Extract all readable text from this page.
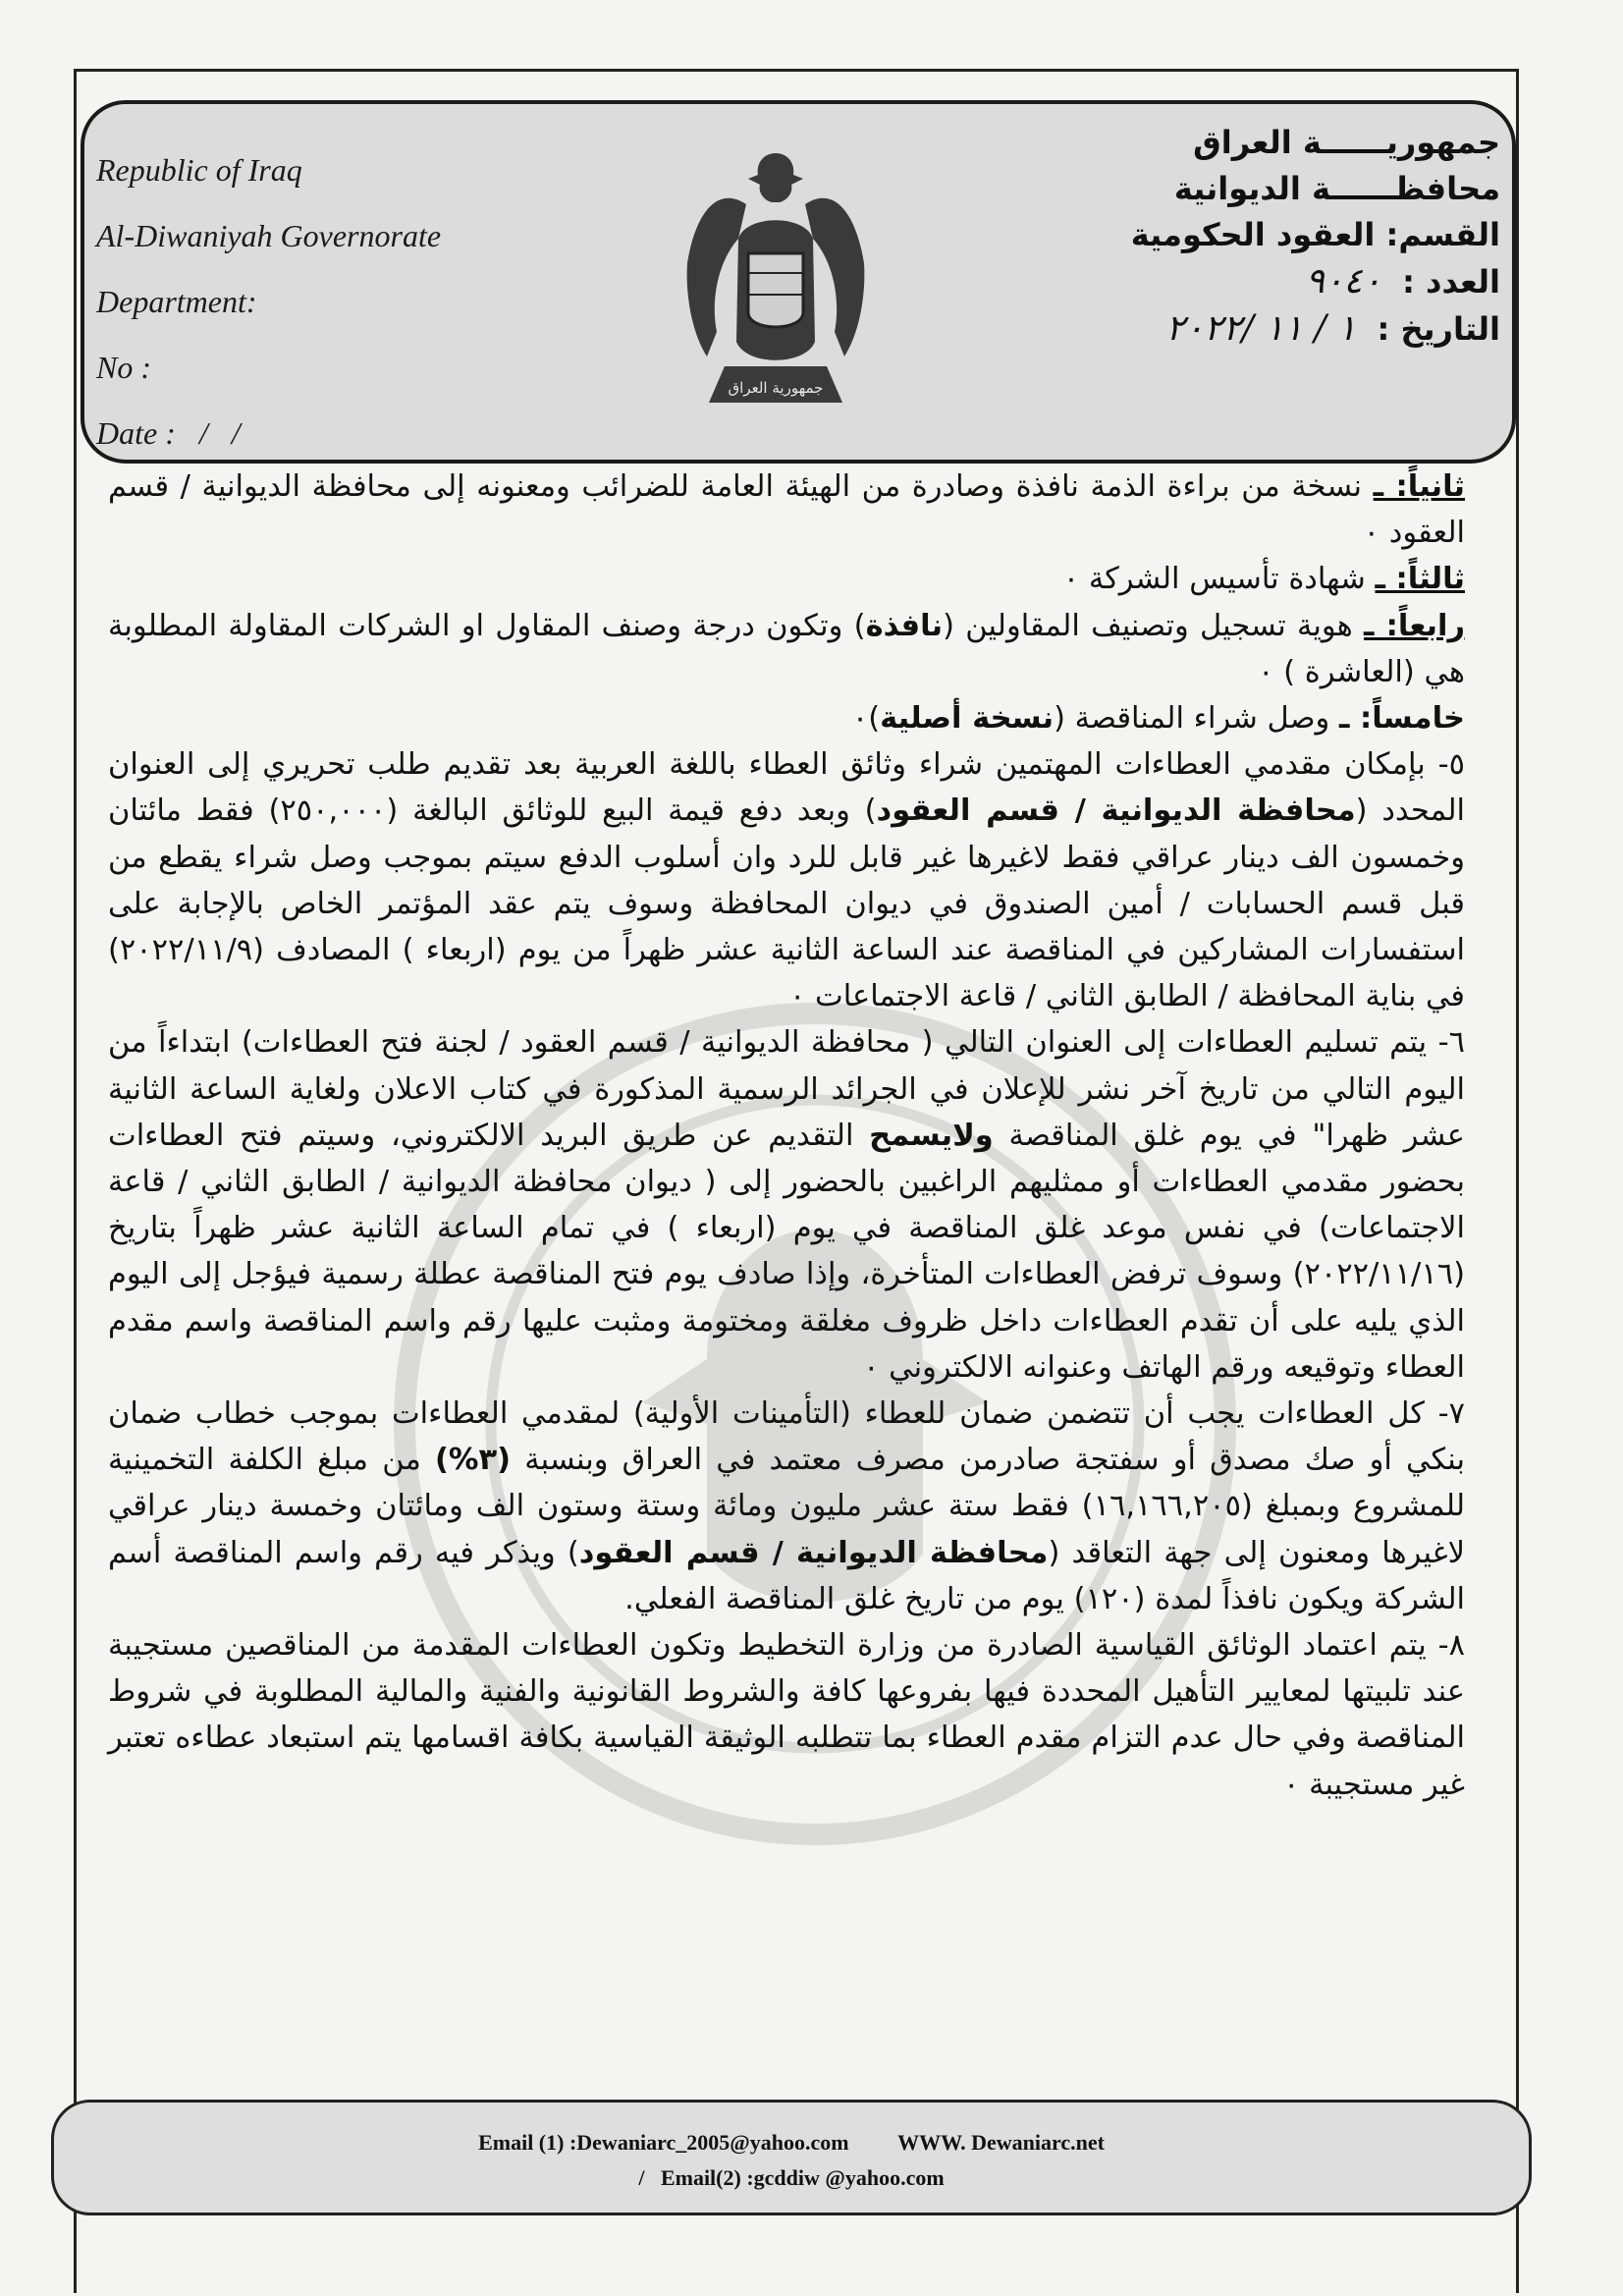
Republic of Iraq
Al-Diwaniyah Governorate
Department:
No :
Date :   /   /
جمهورية العراق
جمهوريــــــة العراق
محافظــــــة الديوانية
القسم: العقود الحكومية
العدد : ٩٠٤٠
التاريخ : ١ / ١١ /٢٠٢٢

ثانياً: ـ نسخة من براءة الذمة نافذة وصادرة من الهيئة العامة للضرائب ومعنونه إلى محافظة الديوانية / قسم العقود ٠

ثالثاً: ـ شهادة تأسيس الشركة ٠

رابعاً: ـ هوية تسجيل وتصنيف المقاولين (نافذة) وتكون درجة وصنف المقاول او الشركات المقاولة المطلوبة هي (العاشرة ) ٠

خامساً: ـ وصل شراء المناقصة (نسخة أصلية)٠

٥- بإمكان مقدمي العطاءات المهتمين شراء وثائق العطاء باللغة العربية بعد تقديم طلب تحريري إلى العنوان المحدد (محافظة الديوانية / قسم العقود) وبعد دفع قيمة البيع للوثائق البالغة (٢٥٠,٠٠٠) فقط مائتان وخمسون الف دينار عراقي فقط لاغيرها غير قابل للرد وان أسلوب الدفع سيتم بموجب وصل شراء يقطع من قبل قسم الحسابات / أمين الصندوق في ديوان المحافظة وسوف يتم عقد المؤتمر الخاص بالإجابة على استفسارات المشاركين في المناقصة عند الساعة الثانية عشر ظهراً من يوم (اربعاء ) المصادف (٢٠٢٢/١١/٩) في بناية المحافظة / الطابق الثاني / قاعة الاجتماعات ٠

٦- يتم تسليم العطاءات إلى العنوان التالي ( محافظة الديوانية / قسم العقود / لجنة فتح العطاءات) ابتداءاً من اليوم التالي من تاريخ آخر نشر للإعلان في الجرائد الرسمية المذكورة في كتاب الاعلان ولغاية الساعة الثانية عشر ظهرا" في يوم غلق المناقصة ولايسمح التقديم عن طريق البريد الالكتروني، وسيتم فتح العطاءات بحضور مقدمي العطاءات أو ممثليهم الراغبين بالحضور إلى ( ديوان محافظة الديوانية / الطابق الثاني / قاعة الاجتماعات) في نفس موعد غلق المناقصة في يوم (اربعاء ) في تمام الساعة الثانية عشر ظهراً بتاريخ (٢٠٢٢/١١/١٦) وسوف ترفض العطاءات المتأخرة، وإذا صادف يوم فتح المناقصة عطلة رسمية فيؤجل إلى اليوم الذي يليه على أن تقدم العطاءات داخل ظروف مغلقة ومختومة ومثبت عليها رقم واسم المناقصة واسم مقدم العطاء وتوقيعه ورقم الهاتف وعنوانه الالكتروني ٠

٧- كل العطاءات يجب أن تتضمن ضمان للعطاء (التأمينات الأولية) لمقدمي العطاءات بموجب خطاب ضمان بنكي أو صك مصدق أو سفتجة صادرمن مصرف معتمد في العراق وبنسبة (٣%) من مبلغ الكلفة التخمينية للمشروع وبمبلغ (١٦,١٦٦,٢٠٥) فقط ستة عشر مليون ومائة وستة وستون الف ومائتان وخمسة دينار عراقي لاغيرها ومعنون إلى جهة التعاقد (محافظة الديوانية / قسم العقود) ويذكر فيه رقم واسم المناقصة أسم الشركة ويكون نافذاً لمدة (١٢٠) يوم من تاريخ غلق المناقصة الفعلي.

٨- يتم اعتماد الوثائق القياسية الصادرة من وزارة التخطيط وتكون العطاءات المقدمة من المناقصين مستجيبة عند تلبيتها لمعايير التأهيل المحددة فيها بفروعها كافة والشروط القانونية والفنية والمالية المطلوبة في شروط المناقصة وفي حال عدم التزام مقدم العطاء بما تتطلبه الوثيقة القياسية بكافة اقسامها يتم استبعاد عطاءه تعتبر غير مستجيبة ٠

Email (1) :Dewaniarc_2005@yahoo.com WWW. Dewaniarc.net
/   Email(2) :gcddiw @yahoo.com
